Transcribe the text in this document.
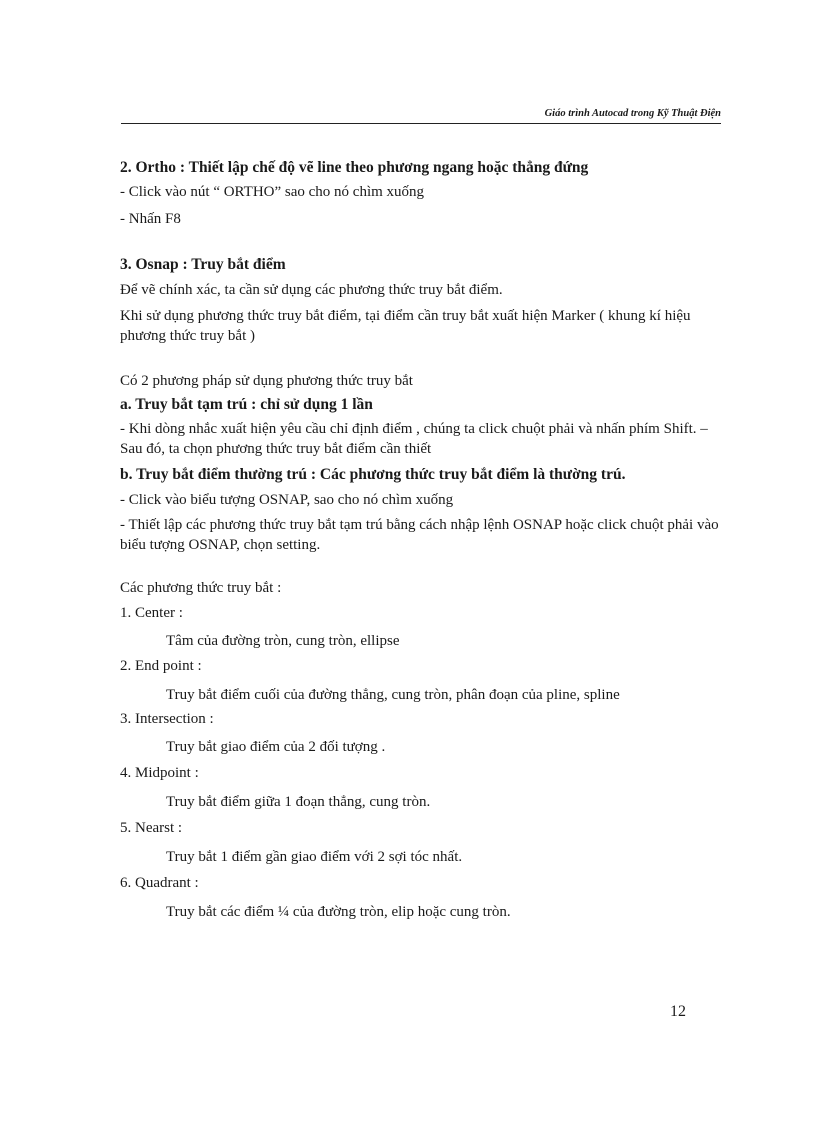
Giáo trình Autocad trong Kỹ Thuật Điện

2. Ortho : Thiết lập chế độ vẽ line theo phương ngang hoặc thẳng đứng

- Click vào nút “ ORTHO” sao cho nó chìm xuống

- Nhấn F8

3. Osnap : Truy bắt điểm

Để vẽ chính xác, ta cần sử dụng các phương thức truy bắt điểm.

Khi sử dụng phương thức truy bắt điểm, tại điểm cần truy bắt xuất hiện Marker ( khung kí hiệu phương thức truy bắt )

Có 2 phương pháp sử dụng phương thức truy bắt

a. Truy bắt tạm trú : chỉ sử dụng 1 lần

- Khi dòng nhắc xuất hiện yêu cầu chỉ định điểm , chúng ta click chuột phải và nhấn phím Shift. – Sau đó, ta chọn phương thức truy bắt điểm cần thiết

b. Truy bắt điểm thường trú : Các phương thức truy bắt điểm là thường trú.

- Click vào biểu tượng OSNAP, sao cho nó chìm xuống

- Thiết lập các phương thức truy bắt tạm trú bằng cách nhập lệnh OSNAP hoặc click chuột phải vào biểu tượng OSNAP, chọn setting.

Các phương thức truy bắt :

1. Center :

Tâm của đường tròn, cung tròn, ellipse

2. End point :

Truy bắt điểm cuối của đường thẳng, cung tròn, phân đoạn của pline, spline

3. Intersection :

Truy bắt giao điểm của 2 đối tượng .

4. Midpoint :

Truy bắt điểm giữa 1 đoạn thẳng, cung tròn.

5. Nearst :

Truy bắt 1 điểm gần giao điểm với 2 sợi tóc nhất.

6. Quadrant :

Truy bắt các điểm ¼ của đường tròn, elip hoặc cung tròn.

12
